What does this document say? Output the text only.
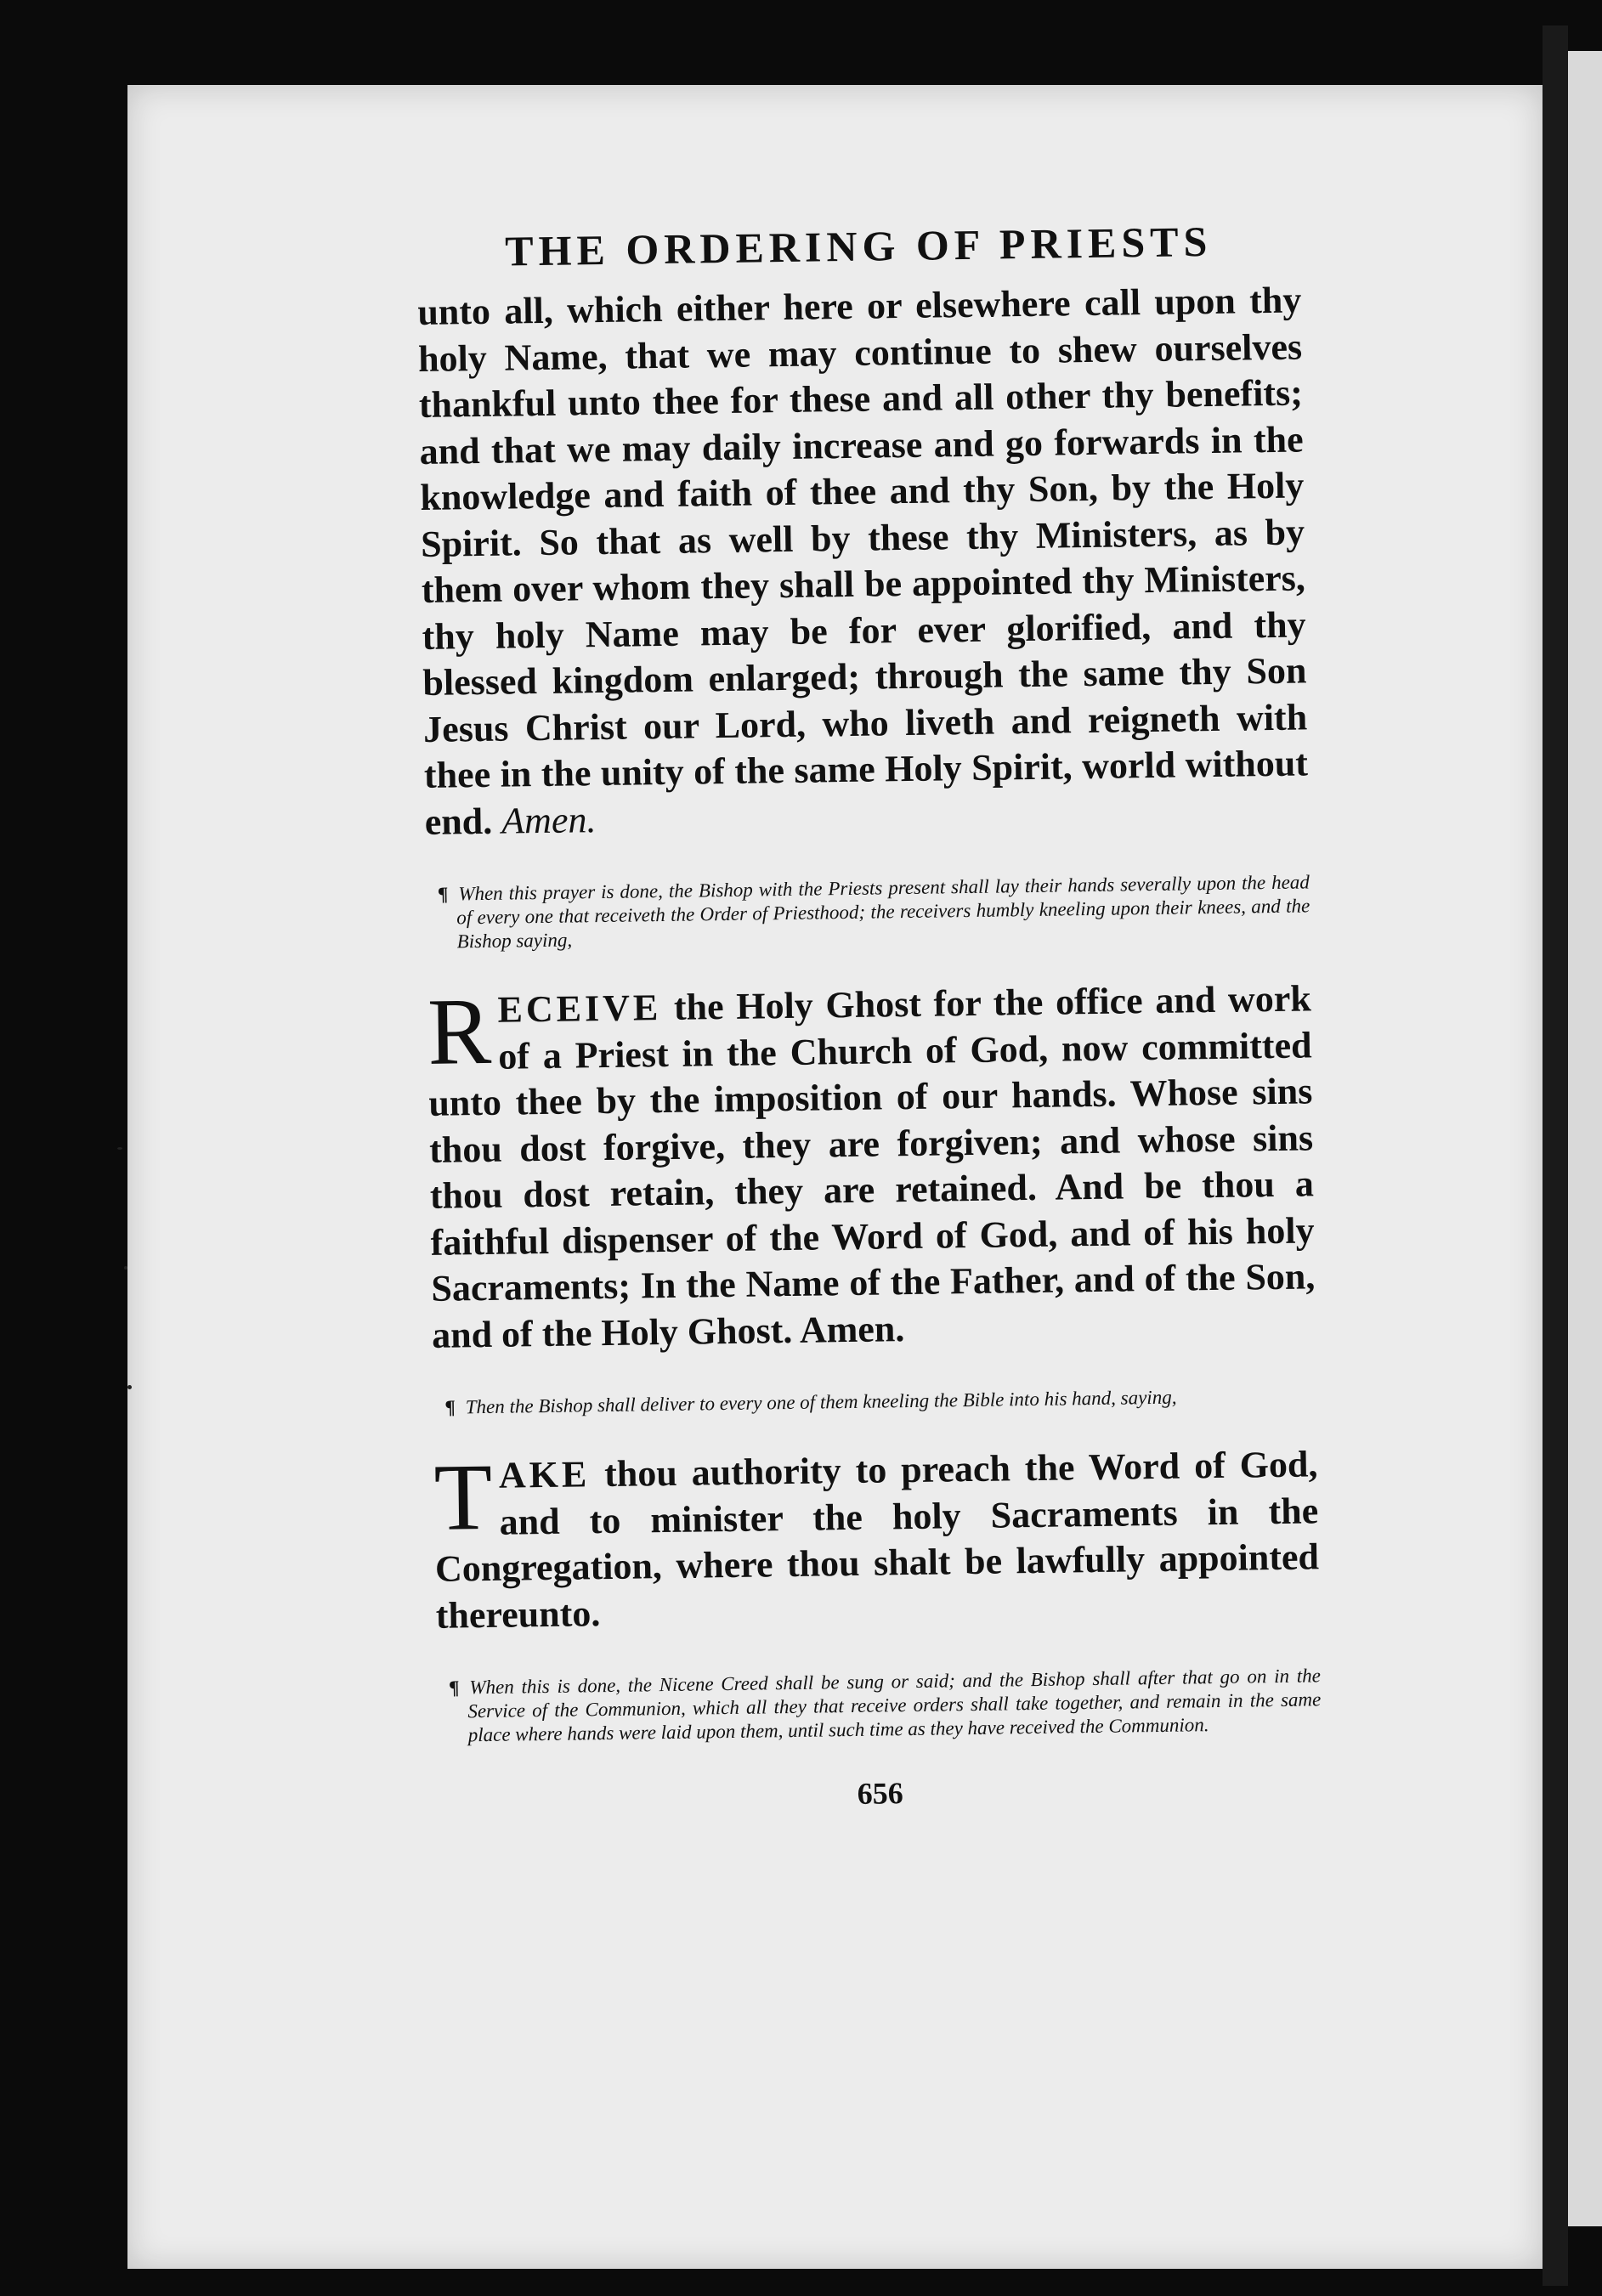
THE ORDERING OF PRIESTS

unto all, which either here or elsewhere call upon thy holy Name, that we may continue to shew ourselves thankful unto thee for these and all other thy benefits; and that we may daily increase and go forwards in the knowledge and faith of thee and thy Son, by the Holy Spirit. So that as well by these thy Ministers, as by them over whom they shall be appointed thy Ministers, thy holy Name may be for ever glorified, and thy blessed kingdom enlarged; through the same thy Son Jesus Christ our Lord, who liveth and reigneth with thee in the unity of the same Holy Spirit, world without end. Amen.

¶ When this prayer is done, the Bishop with the Priests present shall lay their hands severally upon the head of every one that receiveth the Order of Priesthood; the receivers humbly kneeling upon their knees, and the Bishop saying,

RECEIVE the Holy Ghost for the office and work of a Priest in the Church of God, now committed unto thee by the imposition of our hands. Whose sins thou dost forgive, they are forgiven; and whose sins thou dost retain, they are retained. And be thou a faithful dispenser of the Word of God, and of his holy Sacraments; In the Name of the Father, and of the Son, and of the Holy Ghost. Amen.

¶ Then the Bishop shall deliver to every one of them kneeling the Bible into his hand, saying,

TAKE thou authority to preach the Word of God, and to minister the holy Sacraments in the Congregation, where thou shalt be lawfully appointed thereunto.

¶ When this is done, the Nicene Creed shall be sung or said; and the Bishop shall after that go on in the Service of the Communion, which all they that receive orders shall take together, and remain in the same place where hands were laid upon them, until such time as they have received the Communion.

656
